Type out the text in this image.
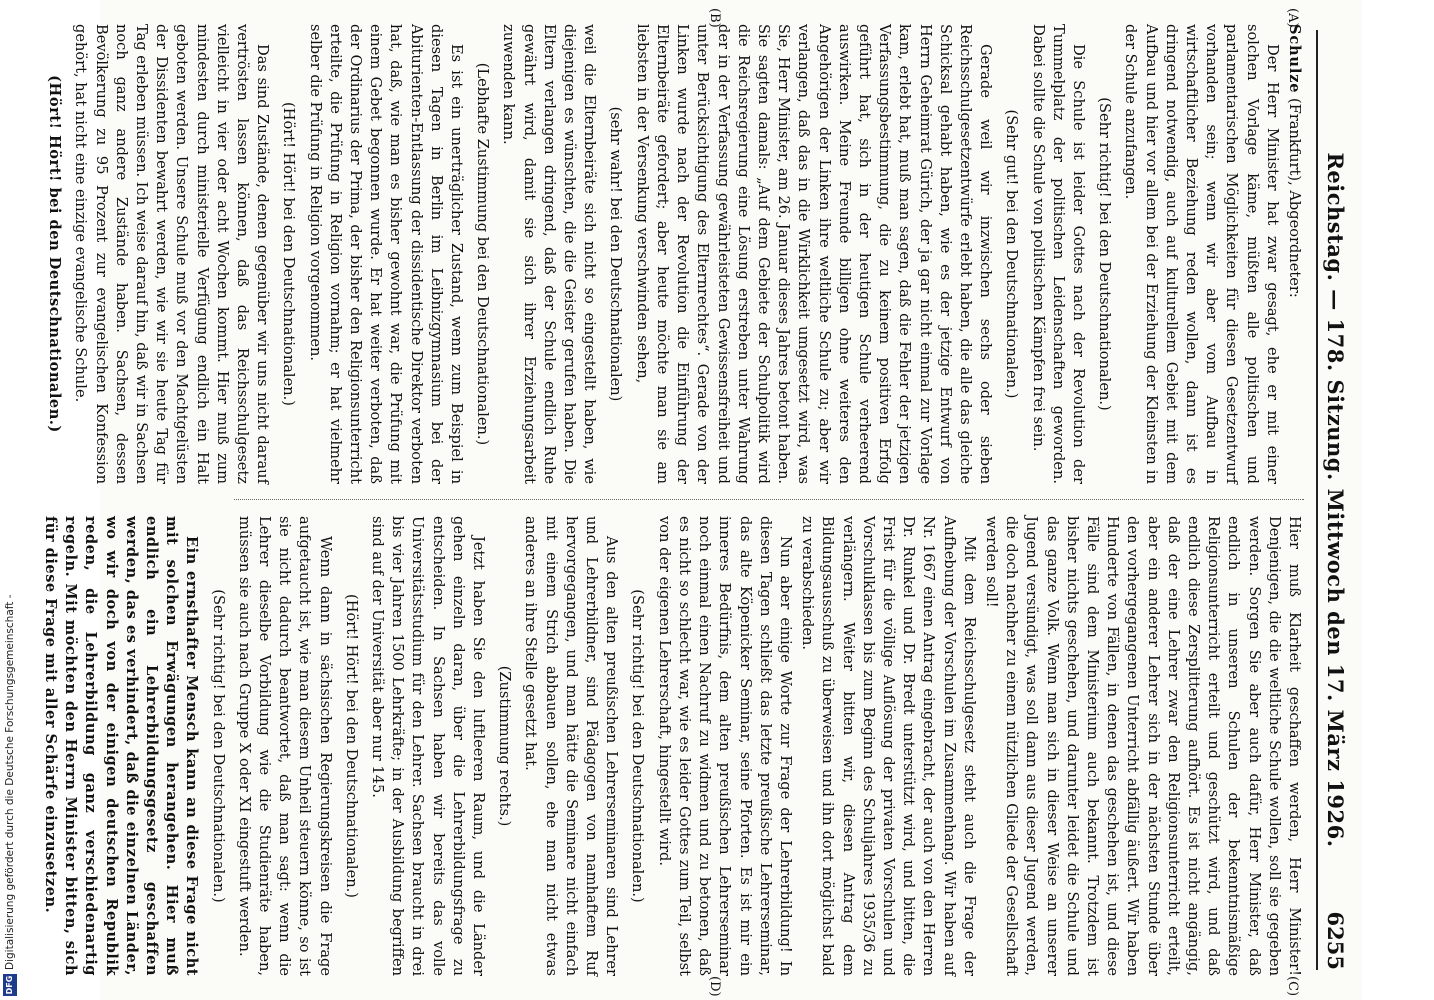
Reichstag. — 178. Sitzung. Mittwoch den 17. März 1926.
6255
(A)
(B)
(C)
(D)

Schulze (Frankfurt), Abgeordneter:

Der Herr Minister hat zwar gesagt, ehe er mit einer solchen Vorlage käme, müßten alle politischen und parlamentarischen Möglichkeiten für diesen Gesetzentwurf vorhanden sein; wenn wir aber vom Aufbau in wirtschaftlicher Beziehung reden wollen, dann ist es dringend notwendig, auch auf kulturellem Gebiet mit dem Aufbau und hier vor allem bei der Erziehung der Kleinsten in der Schule anzufangen.

(Sehr richtig! bei den Deutschnationalen.)

Die Schule ist leider Gottes nach der Revolution der Tummelplatz der politischen Leidenschaften geworden. Dabei sollte die Schule von politischen Kämpfen frei sein.

(Sehr gut! bei den Deutschnationalen.)

Gerade weil wir inzwischen sechs oder sieben Reichsschulgesetzentwürfe erlebt haben, die alle das gleiche Schicksal gehabt haben, wie es der jetzige Entwurf von Herrn Geheimrat Gürich, der ja gar nicht einmal zur Vorlage kam, erlebt hat, muß man sagen, daß die Fehler der jetzigen Verfassungsbestimmung, die zu keinem positiven Erfolg geführt hat, sich in der heutigen Schule verheerend auswirken. Meine Freunde billigen ohne weiteres den Angehörigen der Linken ihre weltliche Schule zu; aber wir verlangen, daß das in die Wirklichkeit umgesetzt wird, was Sie, Herr Minister, am 26. Januar dieses Jahres betont haben. Sie sagten damals: „Auf dem Gebiete der Schulpolitik wird die Reichsregierung eine Lösung erstreben unter Wahrung der in der Verfassung gewährleisteten Gewissensfreiheit und unter Berücksichtigung des Elternrechtes“. Gerade von der Linken wurde nach der Revolution die Einführung der Elternbeiräte gefordert; aber heute möchte man sie am liebsten in der Versenkung verschwinden sehen,

(sehr wahr! bei den Deutschnationalen)

weil die Elternbeiräte sich nicht so eingestellt haben, wie diejenigen es wünschten, die die Geister gerufen haben. Die Eltern verlangen dringend, daß der Schule endlich Ruhe gewährt wird, damit sie sich ihrer Erziehungsarbeit zuwenden kann.

(Lebhafte Zustimmung bei den Deutschnationalen.)

Es ist ein unerträglicher Zustand, wenn zum Beispiel in diesen Tagen in Berlin im Leibnizgymnasium bei der Abiturienten-Entlassung der dissidentische Direktor verboten hat, daß, wie man es bisher gewohnt war, die Prüfung mit einem Gebet begonnen wurde. Er hat weiter verboten, daß der Ordinarius der Prima, der bisher den Religionsunterricht erteilte, die Prüfung in Religion vornahm; er hat vielmehr selber die Prüfung in Religion vorgenommen.

(Hört! Hört! bei den Deutschnationalen.)

Das sind Zustände, denen gegenüber wir uns nicht darauf vertrösten lassen können, daß das Reichsschulgesetz vielleicht in vier oder acht Wochen kommt. Hier muß zum mindesten durch ministerielle Verfügung endlich ein Halt geboten werden. Unsere Schule muß vor den Machtgelüsten der Dissidenten bewahrt werden, wie wir sie heute Tag für Tag erleben müssen. Ich weise darauf hin, daß wir in Sachsen noch ganz andere Zustände haben. Sachsen, dessen Bevölkerung zu 95 Prozent zur evangelischen Konfession gehört, hat nicht eine einzige evangelische Schule.

(Hört! Hört! bei den Deutschnationalen.)

Hier muß Klarheit geschaffen werden, Herr Minister! Denjenigen, die die weltliche Schule wollen, soll sie gegeben werden. Sorgen Sie aber auch dafür, Herr Minister, daß endlich in unseren Schulen der bekenntnismäßige Religionsunterricht erteilt und geschützt wird, und daß endlich diese Zersplitterung aufhört. Es ist nicht angängig, daß der eine Lehrer zwar den Religionsunterricht erteilt, aber ein anderer Lehrer sich in der nächsten Stunde über den vorhergegangenen Unterricht abfällig äußert. Wir haben Hunderte von Fällen, in denen das geschehen ist, und diese Fälle sind dem Ministerium auch bekannt. Trotzdem ist bisher nichts geschehen, und darunter leidet die Schule und das ganze Volk. Wenn man sich in dieser Weise an unserer Jugend versündigt, was soll dann aus dieser Jugend werden, die doch nachher zu einem nützlichen Gliede der Gesellschaft werden soll!

Mit dem Reichsschulgesetz steht auch die Frage der Aufhebung der Vorschulen im Zusammenhang. Wir haben auf Nr. 1667 einen Antrag eingebracht, der auch von den Herren Dr. Runkel und Dr. Bredt unterstützt wird, und bitten, die Frist für die völlige Auflösung der privaten Vorschulen und Vorschulklassen bis zum Beginn des Schuljahres 1935/36 zu verlängern. Weiter bitten wir, diesen Antrag dem Bildungsausschuß zu überweisen und ihn dort möglichst bald zu verabschieden.

Nun aber einige Worte zur Frage der Lehrerbildung! In diesen Tagen schließt das letzte preußische Lehrerseminar, das alte Köpenicker Seminar, seine Pforten. Es ist mir ein inneres Bedürfnis, dem alten preußischen Lehrerseminar noch einmal einen Nachruf zu widmen und zu betonen, daß es nicht so schlecht war, wie es leider Gottes zum Teil, selbst von der eigenen Lehrerschaft, hingestellt wird.

(Sehr richtig! bei den Deutschnationalen.)

Aus den alten preußischen Lehrerseminaren sind Lehrer und Lehrerbildner, sind Pädagogen von namhaftem Ruf hervorgegangen, und man hätte die Seminare nicht einfach mit einem Strich abbauen sollen, ehe man nicht etwas anderes an ihre Stelle gesetzt hat.

(Zustimmung rechts.)

Jetzt haben Sie den luftleeren Raum, und die Länder gehen einzeln daran, über die Lehrerbildungsfrage zu entscheiden. In Sachsen haben wir bereits das volle Universitätsstudium für den Lehrer. Sachsen braucht in drei bis vier Jahren 1500 Lehrkräfte; in der Ausbildung begriffen sind auf der Universität aber nur 145.

(Hört! Hört! bei den Deutschnationalen.)

Wenn dann in sächsischen Regierungskreisen die Frage aufgetaucht ist, wie man diesem Unheil steuern könne, so ist sie nicht dadurch beantwortet, daß man sagt: wenn die Lehrer dieselbe Vorbildung wie die Studienräte haben, müssen sie auch nach Gruppe X oder XI eingestuft werden.

(Sehr richtig! bei den Deutschnationalen.)

Ein ernsthafter Mensch kann an diese Frage nicht mit solchen Erwägungen herangehen. Hier muß endlich ein Lehrerbildungsgesetz geschaffen werden, das es verhindert, daß die einzelnen Länder, wo wir doch von der einigen deutschen Republik reden, die Lehrerbildung ganz verschiedenartig regeln. Mit möchten den Herrn Minister bitten, sich für diese Frage mit aller Schärfe einzusetzen.

Digitalisierung gefördert durch die Deutsche Forschungsgemeinschaft -
DFG
